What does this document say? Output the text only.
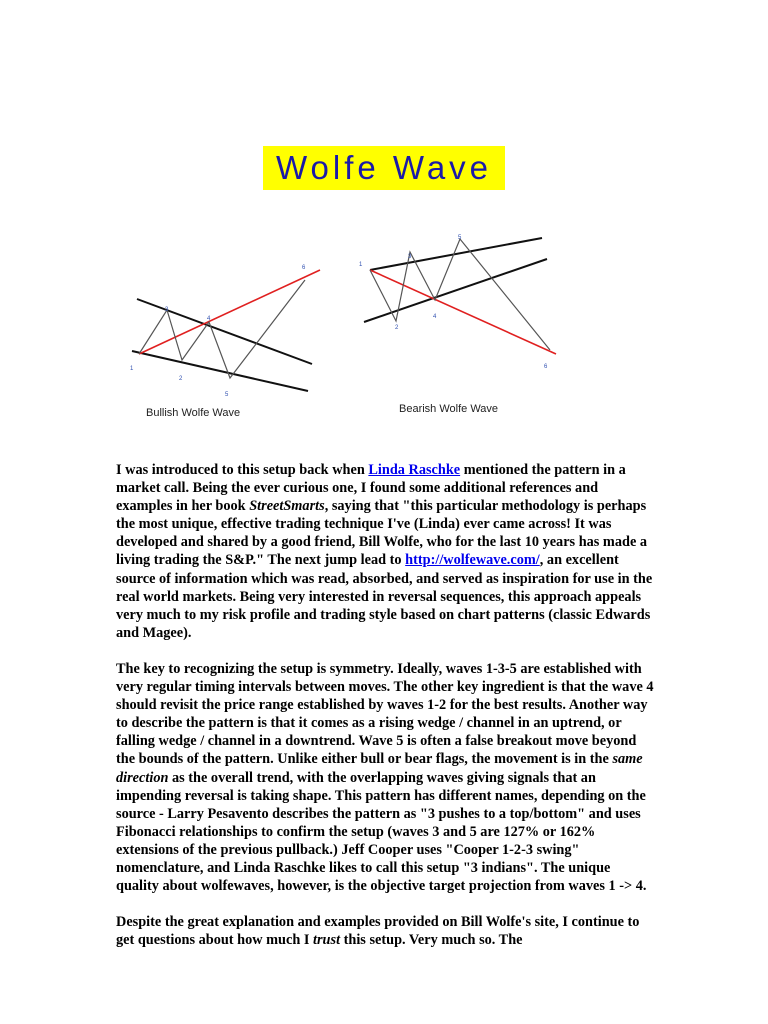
Wolfe Wave
1
2
3
4
5
6
Bullish Wolfe Wave
1
2
3
4
5
6
Bearish Wolfe Wave

I was introduced to this setup back when Linda Raschke mentioned the pattern in a market call. Being the ever curious one, I found some additional references and examples in her book StreetSmarts, saying that "this particular methodology is perhaps the most unique, effective trading technique I've (Linda) ever came across! It was developed and shared by a good friend, Bill Wolfe, who for the last 10 years has made a living trading the S&P." The next jump lead to http://wolfewave.com/, an excellent source of information which was read, absorbed, and served as inspiration for use in the real world markets. Being very interested in reversal sequences, this approach appeals very much to my risk profile and trading style based on chart patterns (classic Edwards and Magee).

The key to recognizing the setup is symmetry. Ideally, waves 1-3-5 are established with very regular timing intervals between moves. The other key ingredient is that the wave 4 should revisit the price range established by waves 1-2 for the best results. Another way to describe the pattern is that it comes as a rising wedge / channel in an uptrend, or falling wedge / channel in a downtrend. Wave 5 is often a false breakout move beyond the bounds of the pattern. Unlike either bull or bear flags, the movement is in the same direction as the overall trend, with the overlapping waves giving signals that an impending reversal is taking shape. This pattern has different names, depending on the source - Larry Pesavento describes the pattern as "3 pushes to a top/bottom" and uses Fibonacci relationships to confirm the setup (waves 3 and 5 are 127% or 162% extensions of the previous pullback.) Jeff Cooper uses "Cooper 1-2-3 swing" nomenclature, and Linda Raschke likes to call this setup "3 indians". The unique quality about wolfewaves, however, is the objective target projection from waves 1 -> 4.

Despite the great explanation and examples provided on Bill Wolfe's site, I continue to get questions about how much I trust this setup. Very much so. The
